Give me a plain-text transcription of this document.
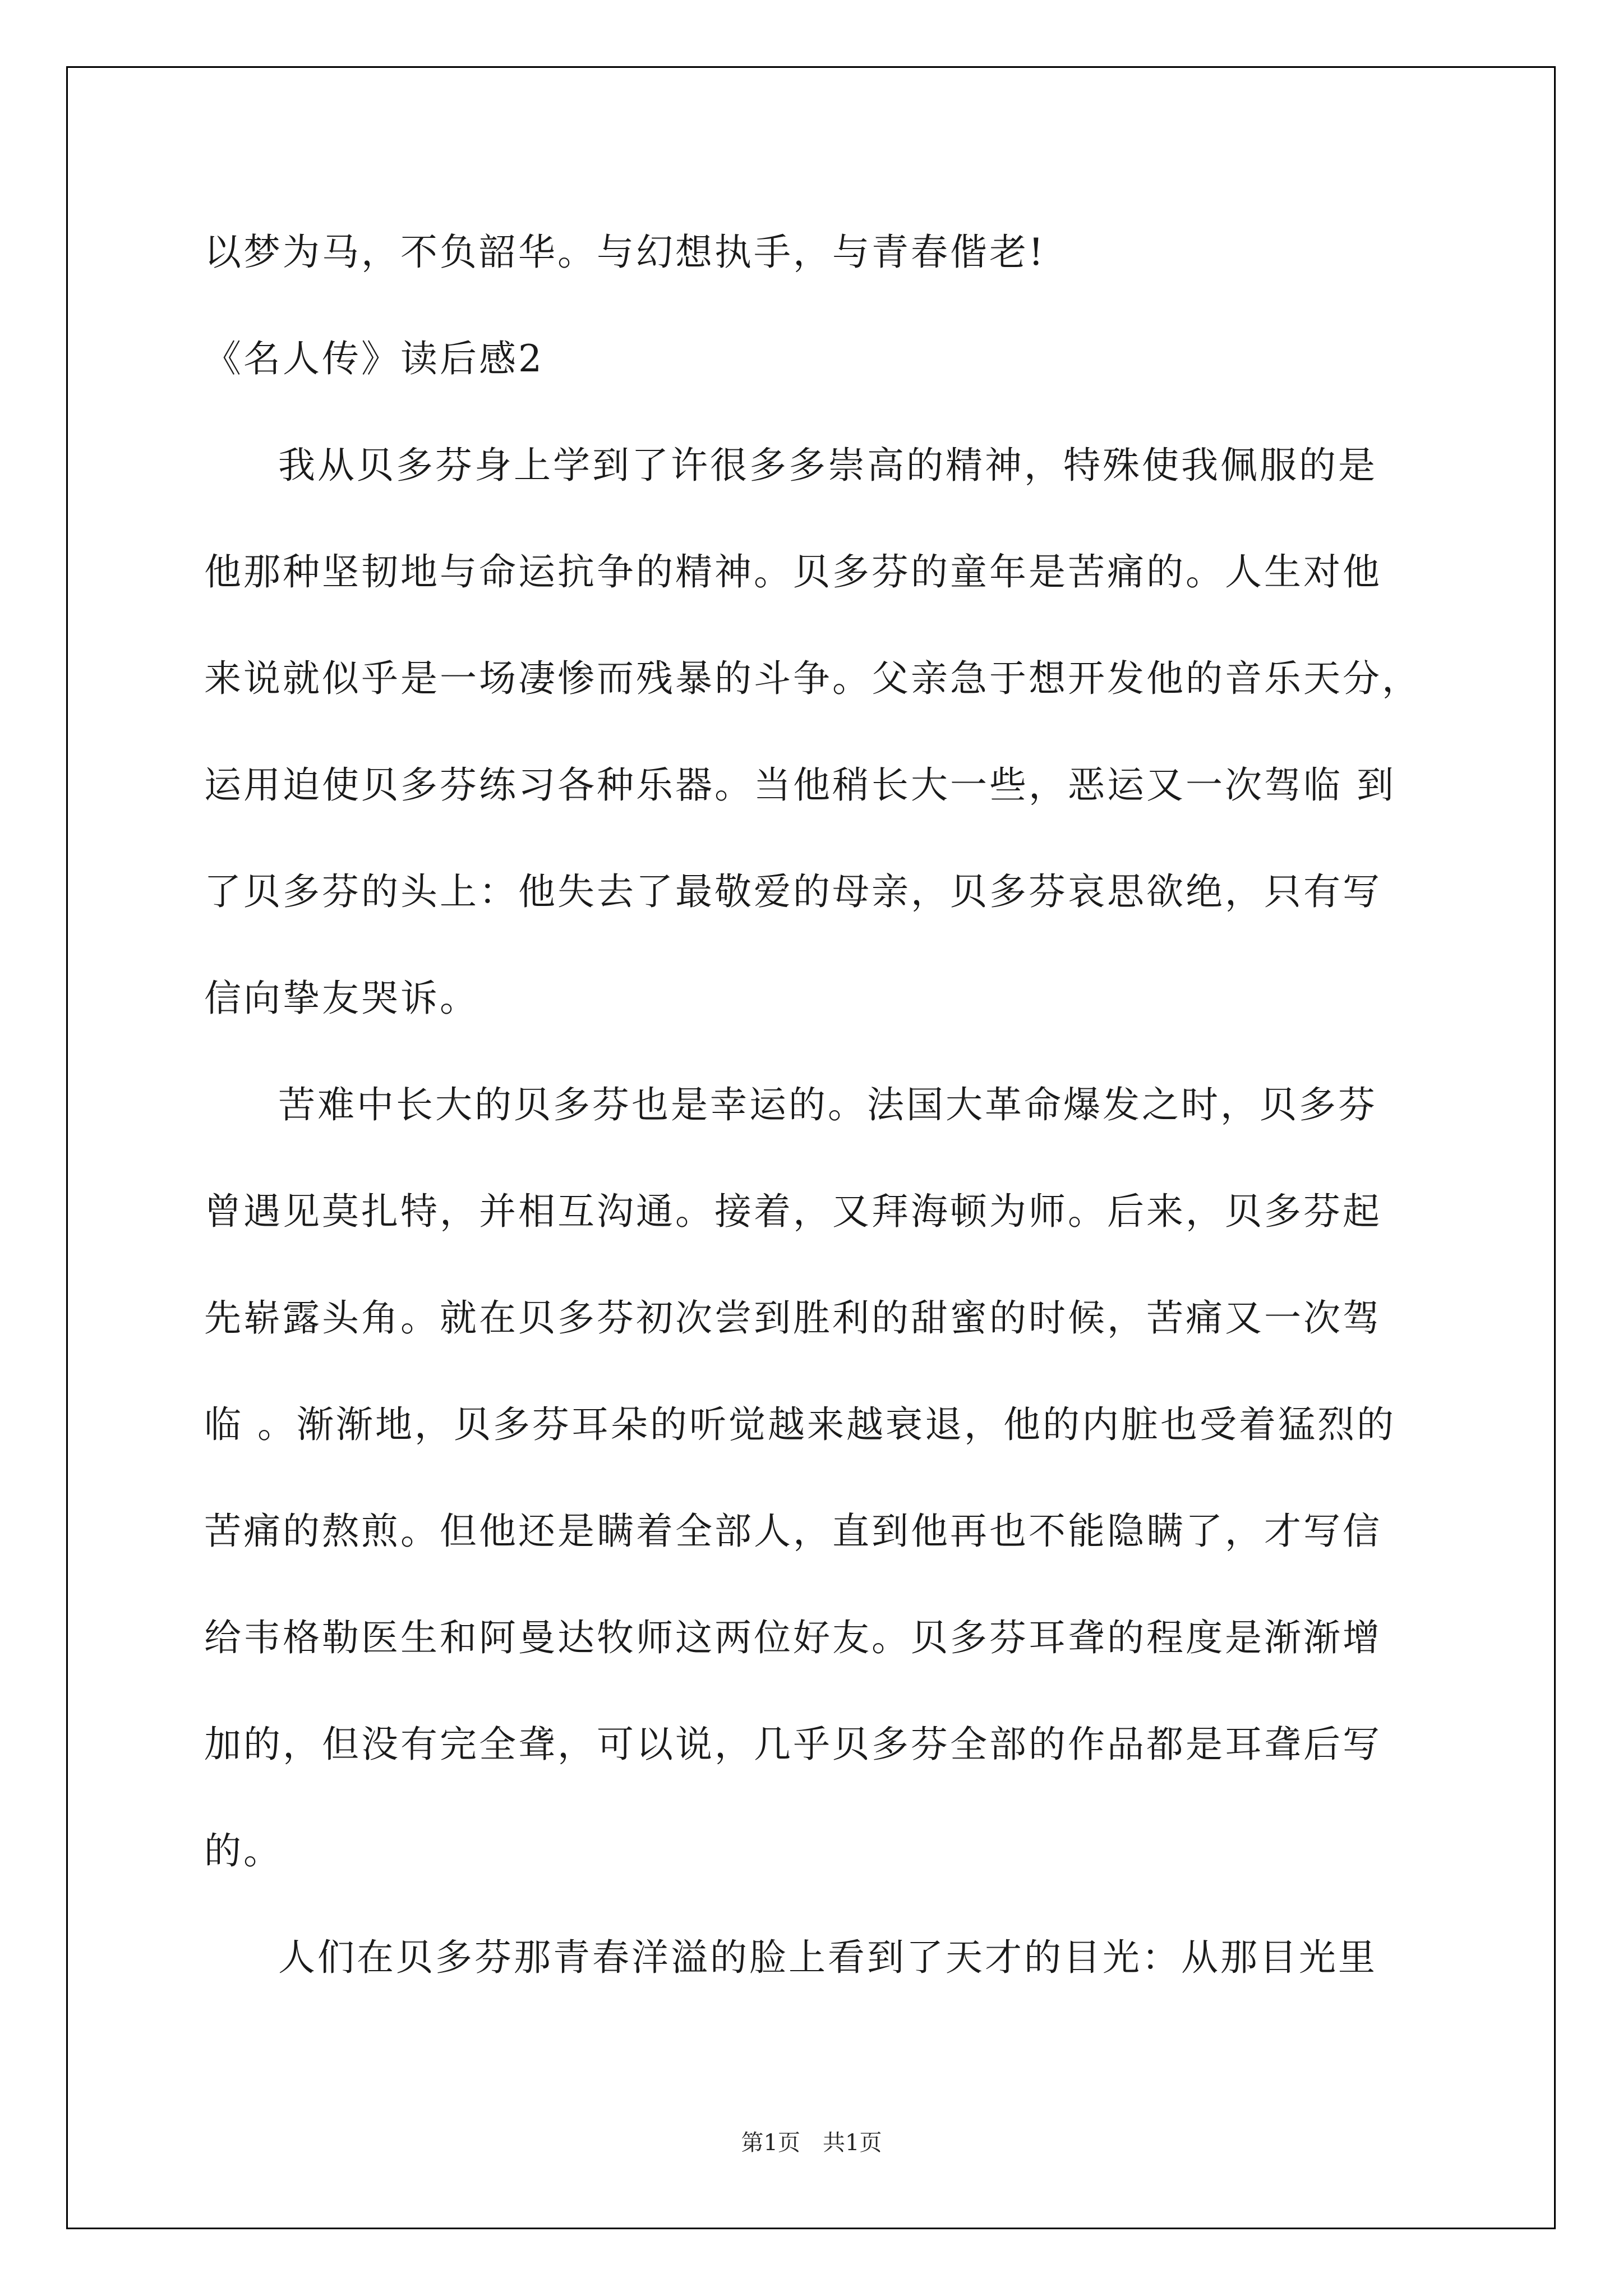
以梦为马，不负韶华。与幻想执手，与青春偕老!
《名人传》读后感2
我从贝多芬身上学到了许很多多崇高的精神，特殊使我佩服的是
他那种坚韧地与命运抗争的精神。贝多芬的童年是苦痛的。人生对他
来说就似乎是一场凄惨而残暴的斗争。父亲急于想开发他的音乐天分，
运用迫使贝多芬练习各种乐器。当他稍长大一些，恶运又一次驾临 到
了贝多芬的头上：他失去了最敬爱的母亲，贝多芬哀思欲绝，只有写
信向挚友哭诉。
苦难中长大的贝多芬也是幸运的。法国大革命爆发之时，贝多芬
曾遇见莫扎特，并相互沟通。接着，又拜海顿为师。后来，贝多芬起
先崭露头角。就在贝多芬初次尝到胜利的甜蜜的时候，苦痛又一次驾
临 。渐渐地，贝多芬耳朵的听觉越来越衰退，他的内脏也受着猛烈的
苦痛的熬煎。但他还是瞒着全部人，直到他再也不能隐瞒了，才写信
给韦格勒医生和阿曼达牧师这两位好友。贝多芬耳聋的程度是渐渐增
加的，但没有完全聋，可以说，几乎贝多芬全部的作品都是耳聋后写
的。
人们在贝多芬那青春洋溢的脸上看到了天才的目光：从那目光里
第1页 共1页
